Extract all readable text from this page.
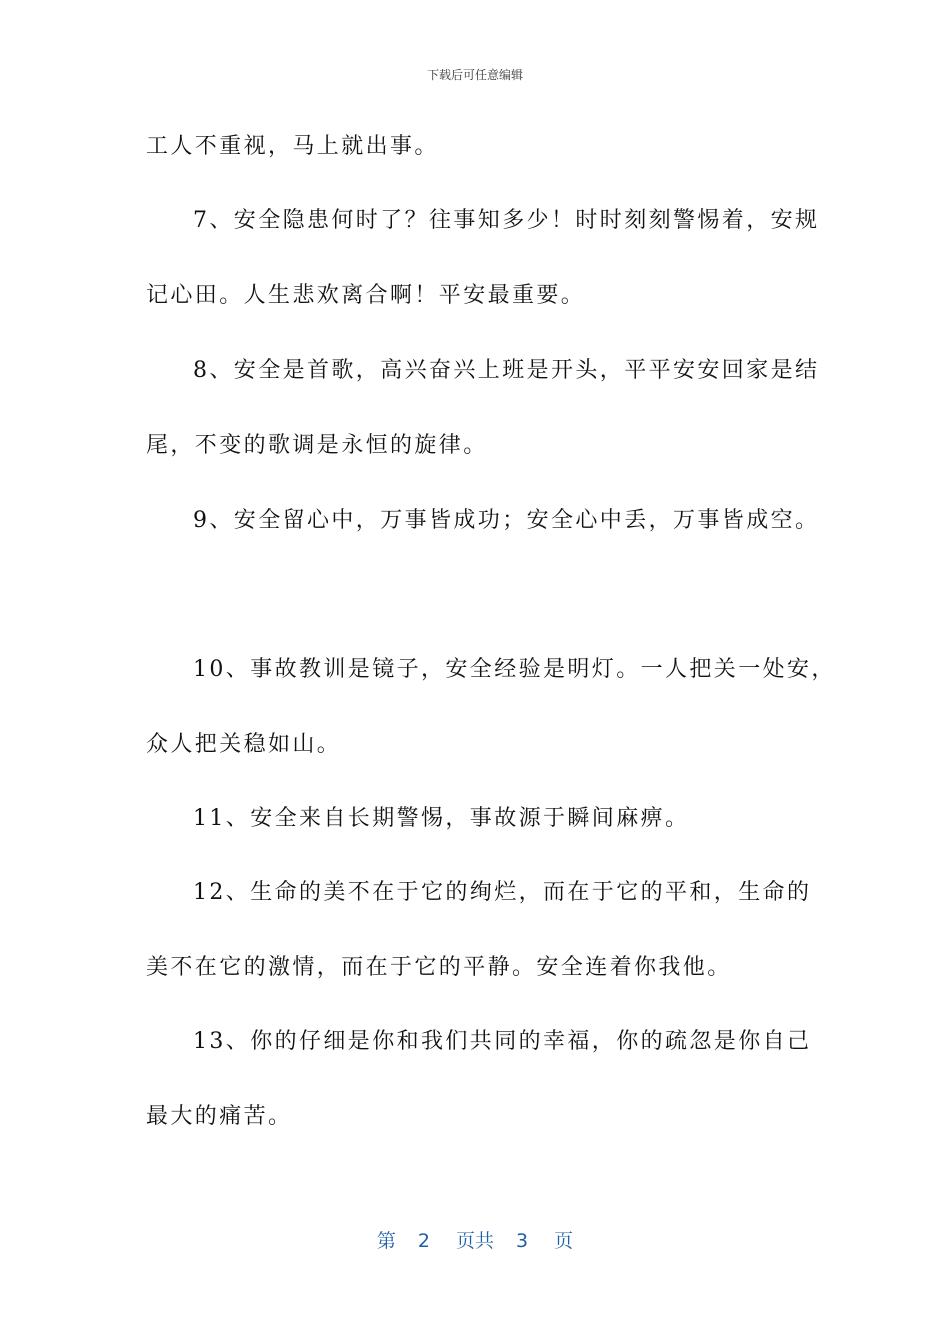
下载后可任意编辑
工人不重视，马上就出事。
7、安全隐患何时了？往事知多少！时时刻刻警惕着，安规
记心田。人生悲欢离合啊！平安最重要。
8、安全是首歌，高兴奋兴上班是开头，平平安安回家是结
尾，不变的歌调是永恒的旋律。
9、安全留心中，万事皆成功；安全心中丢，万事皆成空。
10、事故教训是镜子，安全经验是明灯。一人把关一处安，
众人把关稳如山。
11、安全来自长期警惕，事故源于瞬间麻痹。
12、生命的美不在于它的绚烂，而在于它的平和，生命的
美不在它的激情，而在于它的平静。安全连着你我他。
13、你的仔细是你和我们共同的幸福，你的疏忽是你自己
最大的痛苦。
第 2 页共 3 页
